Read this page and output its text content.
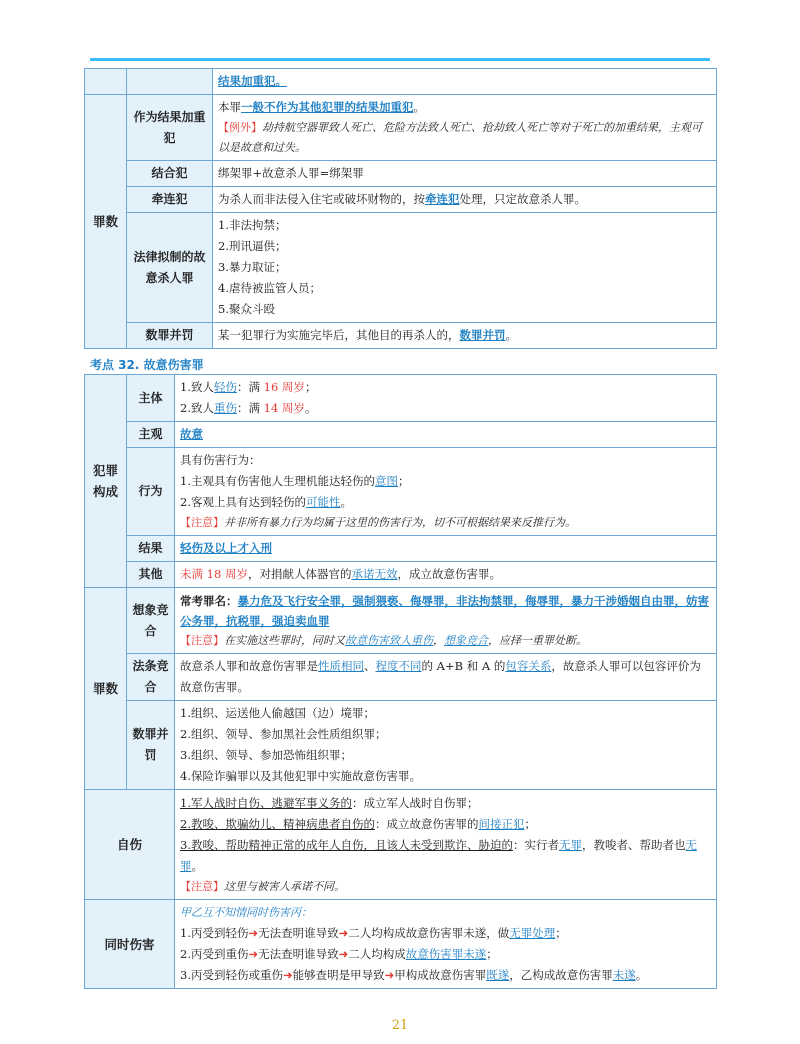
		结果加重犯。
罪数	作为结果加重犯	本罪一般不作为其他犯罪的结果加重犯。
【例外】劫持航空器罪致人死亡、危险方法致人死亡、抢劫致人死亡等对于死亡的加重结果，主观可以是故意和过失。

	结合犯	绑架罪+故意杀人罪=绑架罪
	牵连犯	为杀人而非法侵入住宅或破坏财物的，按牵连犯处理，只定故意杀人罪。
	法律拟制的故意杀人罪	1.非法拘禁；
2.刑讯逼供；
3.暴力取证；
4.虐待被监管人员；
5.聚众斗殴

	数罪并罚	某一犯罪行为实施完毕后，其他目的再杀人的，数罪并罚。
考点 32. 故意伤害罪
犯罪构成	主体	1.致人轻伤：满 16 周岁；
2.致人重伤：满 14 周岁。

	主观	故意
	行为	具有伤害行为：
1.主观具有伤害他人生理机能达轻伤的意图；
2.客观上具有达到轻伤的可能性。
【注意】并非所有暴力行为均属于这里的伤害行为，切不可根据结果来反推行为。

	结果	轻伤及以上才入刑
	其他	未满 18 周岁，对捐献人体器官的承诺无效，成立故意伤害罪。
罪数	想象竞合	常考罪名：暴力危及飞行安全罪，强制猥亵、侮辱罪，非法拘禁罪，侮辱罪，暴力干涉婚姻自由罪，妨害公务罪，抗税罪，强迫卖血罪
【注意】在实施这些罪时，同时又故意伤害致人重伤，想象竞合，应择一重罪处断。

	法条竞合	故意杀人罪和故意伤害罪是性质相同、程度不同的 A+B 和 A 的包容关系，故意杀人罪可以包容评价为故意伤害罪。
	数罪并罚	1.组织、运送他人偷越国（边）境罪；
2.组织、领导、参加黑社会性质组织罪；
3.组织、领导、参加恐怖组织罪；
4.保险诈骗罪以及其他犯罪中实施故意伤害罪。

自伤		1.军人战时自伤、逃避军事义务的：成立军人战时自伤罪；
2.教唆、欺骗幼儿、精神病患者自伤的：成立故意伤害罪的间接正犯；
3.教唆、帮助精神正常的成年人自伤，且该人未受到欺诈、胁迫的：实行者无罪，教唆者、帮助者也无罪。
【注意】这里与被害人承诺不同。

同时伤害		甲乙互不知情同时伤害丙：
1.丙受到轻伤➜无法查明谁导致➜二人均构成故意伤害罪未遂，做无罪处理；
2.丙受到重伤➜无法查明谁导致➜二人均构成故意伤害罪未遂；
3.丙受到轻伤或重伤➜能够查明是甲导致➜甲构成故意伤害罪既遂，乙构成故意伤害罪未遂。
21
